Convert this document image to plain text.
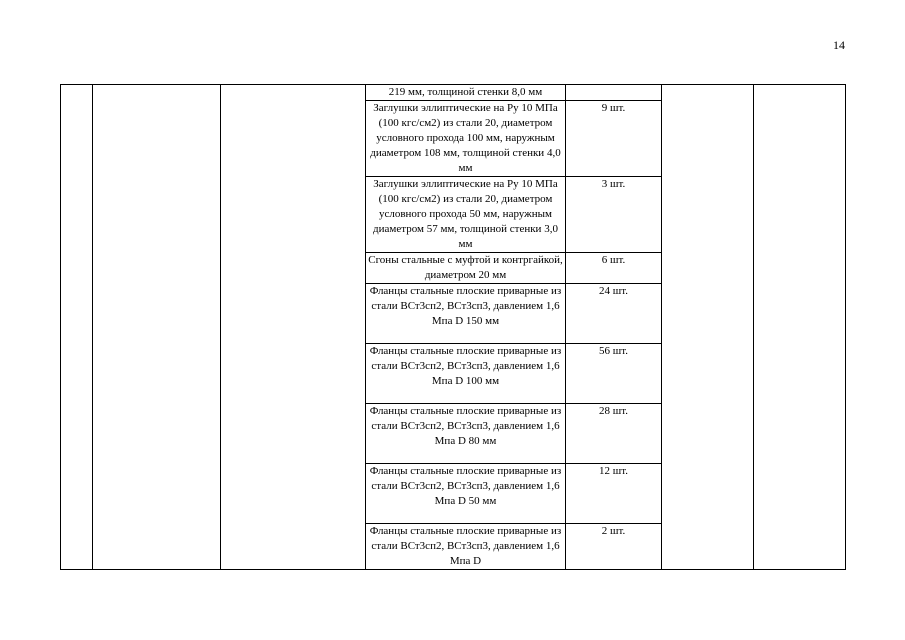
14
			219 мм, толщиной стенки 8,0 мм			
			Заглушки эллиптические на Ру 10 МПа (100 кгс/см2) из стали 20, диаметром условного прохода 100 мм, наружным диаметром 108 мм, толщиной стенки 4,0 мм	9 шт.		
			Заглушки эллиптические на Ру 10 МПа (100 кгс/см2) из стали 20, диаметром условного прохода 50 мм, наружным диаметром 57 мм, толщиной стенки 3,0 мм	3 шт.		
			Сгоны стальные с муфтой и контргайкой, диаметром 20 мм	6 шт.		
			Фланцы стальные плоские приварные из стали ВСт3сп2, ВСт3сп3, давлением 1,6 Мпа D 150 мм	24 шт.		
			Фланцы стальные плоские приварные из стали ВСт3сп2, ВСт3сп3, давлением 1,6 Мпа D 100 мм	56 шт.		
			Фланцы стальные плоские приварные из стали ВСт3сп2, ВСт3сп3, давлением 1,6 Мпа D 80 мм	28 шт.		
			Фланцы стальные плоские приварные из стали ВСт3сп2, ВСт3сп3, давлением 1,6 Мпа D 50 мм	12 шт.		
			Фланцы стальные плоские приварные из стали ВСт3сп2, ВСт3сп3, давлением 1,6 Мпа D	2 шт.		
